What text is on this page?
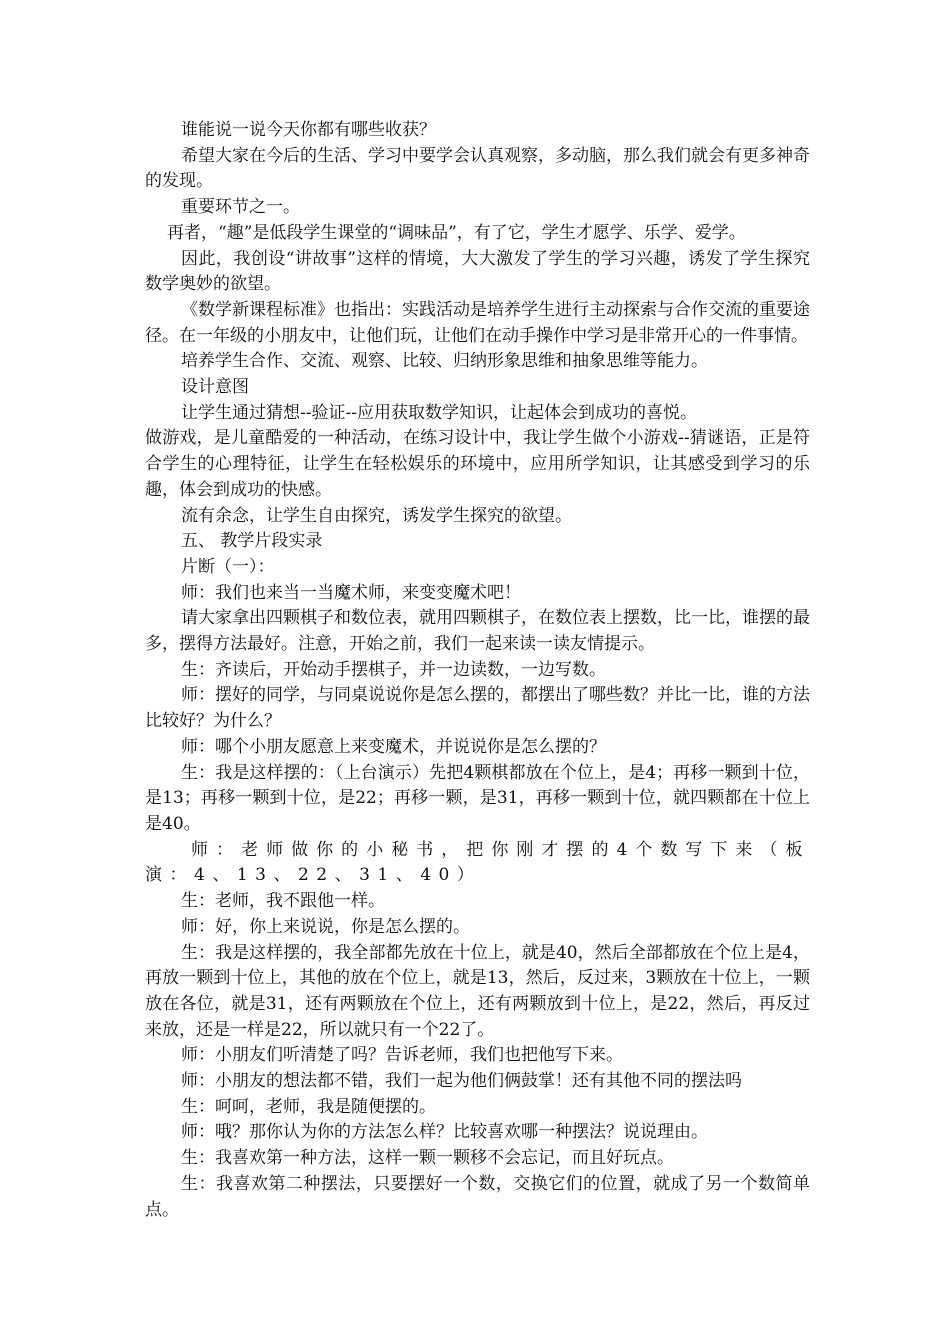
谁能说一说今天你都有哪些收获？

希望大家在今后的生活、学习中要学会认真观察，多动脑，那么我们就会有更多神奇的发现。

重要环节之一。

再者，“趣”是低段学生课堂的“调味品”，有了它，学生才愿学、乐学、爱学。

因此，我创设“讲故事”这样的情境，大大激发了学生的学习兴趣，诱发了学生探究数学奥妙的欲望。

《数学新课程标准》也指出：实践活动是培养学生进行主动探索与合作交流的重要途径。在一年级的小朋友中，让他们玩，让他们在动手操作中学习是非常开心的一件事情。

培养学生合作、交流、观察、比较、归纳形象思维和抽象思维等能力。

设计意图

让学生通过猜想--验证--应用获取数学知识，让起体会到成功的喜悦。

做游戏，是儿童酷爱的一种活动，在练习设计中，我让学生做个小游戏--猜谜语，正是符合学生的心理特征，让学生在轻松娱乐的环境中，应用所学知识，让其感受到学习的乐趣，体会到成功的快感。

流有余念，让学生自由探究，诱发学生探究的欲望。

五、 教学片段实录

片断（一）：

师：我们也来当一当魔术师，来变变魔术吧！

请大家拿出四颗棋子和数位表，就用四颗棋子，在数位表上摆数，比一比，谁摆的最多，摆得方法最好。注意，开始之前，我们一起来读一读友情提示。

生：齐读后，开始动手摆棋子，并一边读数，一边写数。

师：摆好的同学，与同桌说说你是怎么摆的，都摆出了哪些数？并比一比，谁的方法比较好？为什么？

师：哪个小朋友愿意上来变魔术，并说说你是怎么摆的？

生：我是这样摆的：（上台演示）先把4颗棋都放在个位上，是4；再移一颗到十位，是13；再移一颗到十位，是22；再移一颗，是31，再移一颗到十位，就四颗都在十位上是40。

师：老师做你的小秘书，把你刚才摆的4个数写下来（板演：4、13、22、31、40）

生：老师，我不跟他一样。

师：好，你上来说说，你是怎么摆的。

生：我是这样摆的，我全部都先放在十位上，就是40，然后全部都放在个位上是4，再放一颗到十位上，其他的放在个位上，就是13，然后，反过来，3颗放在十位上，一颗放在各位，就是31，还有两颗放在个位上，还有两颗放到十位上，是22，然后，再反过来放，还是一样是22，所以就只有一个22了。

师：小朋友们听清楚了吗？告诉老师，我们也把他写下来。

师：小朋友的想法都不错，我们一起为他们俩鼓掌！还有其他不同的摆法吗

生：呵呵，老师，我是随便摆的。

师：哦？那你认为你的方法怎么样？比较喜欢哪一种摆法？说说理由。

生：我喜欢第一种方法，这样一颗一颗移不会忘记，而且好玩点。

生：我喜欢第二种摆法，只要摆好一个数，交换它们的位置，就成了另一个数简单点。
